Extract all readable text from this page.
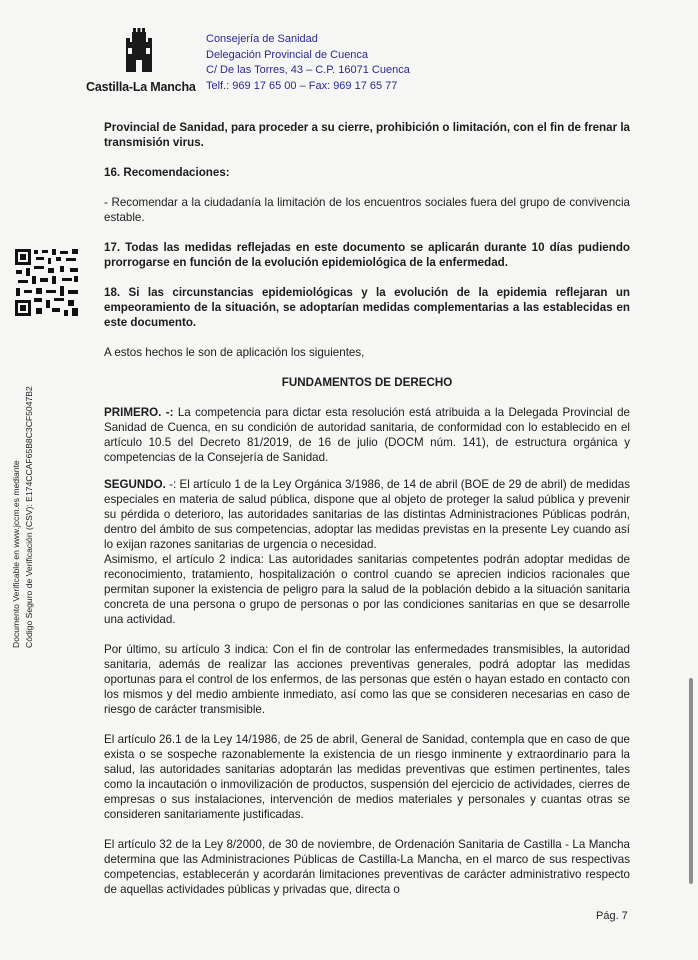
Castilla-La Mancha
Consejería de Sanidad
Delegación Provincial de Cuenca
C/ De las Torres, 43 – C.P. 16071 Cuenca
Telf.: 969 17 65 00 – Fax: 969 17 65 77
Documento Verificable en www.jccm.es mediante Código Seguro de Verificación (CSV): E174CCAF65B8C3CF5047B2

Provincial de Sanidad, para proceder a su cierre, prohibición o limitación, con el fin de frenar la transmisión virus.

16. Recomendaciones:

- Recomendar a la ciudadanía la limitación de los encuentros sociales fuera del grupo de convivencia estable.

17. Todas las medidas reflejadas en este documento se aplicarán durante 10 días pudiendo prorrogarse en función de la evolución epidemiológica de la enfermedad.

18. Si las circunstancias epidemiológicas y la evolución de la epidemia reflejaran un empeoramiento de la situación, se adoptarían medidas complementarias a las establecidas en este documento.

A estos hechos le son de aplicación los siguientes,

FUNDAMENTOS DE DERECHO

PRIMERO. -: La competencia para dictar esta resolución está atribuida a la Delegada Provincial de Sanidad de Cuenca, en su condición de autoridad sanitaria, de conformidad con lo establecido en el artículo 10.5 del Decreto 81/2019, de 16 de julio (DOCM núm. 141), de estructura orgánica y competencias de la Consejería de Sanidad.

SEGUNDO. -: El artículo 1 de la Ley Orgánica 3/1986, de 14 de abril (BOE de 29 de abril) de medidas especiales en materia de salud pública, dispone que al objeto de proteger la salud pública y prevenir su pérdida o deterioro, las autoridades sanitarias de las distintas Administraciones Públicas podrán, dentro del ámbito de sus competencias, adoptar las medidas previstas en la presente Ley cuando así lo exijan razones sanitarias de urgencia o necesidad.

Asimismo, el artículo 2 indica: Las autoridades sanitarias competentes podrán adoptar medidas de reconocimiento, tratamiento, hospitalización o control cuando se aprecien indicios racionales que permitan suponer la existencia de peligro para la salud de la población debido a la situación sanitaria concreta de una persona o grupo de personas o por las condiciones sanitarias en que se desarrolle una actividad.

Por último, su artículo 3 indica: Con el fin de controlar las enfermedades transmisibles, la autoridad sanitaria, además de realizar las acciones preventivas generales, podrá adoptar las medidas oportunas para el control de los enfermos, de las personas que estén o hayan estado en contacto con los mismos y del medio ambiente inmediato, así como las que se consideren necesarias en caso de riesgo de carácter transmisible.

El artículo 26.1 de la Ley 14/1986, de 25 de abril, General de Sanidad, contempla que en caso de que exista o se sospeche razonablemente la existencia de un riesgo inminente y extraordinario para la salud, las autoridades sanitarias adoptarán las medidas preventivas que estimen pertinentes, tales como la incautación o inmovilización de productos, suspensión del ejercicio de actividades, cierres de empresas o sus instalaciones, intervención de medios materiales y personales y cuantas otras se consideren sanitariamente justificadas.

El artículo 32 de la Ley 8/2000, de 30 de noviembre, de Ordenación Sanitaria de Castilla - La Mancha determina que las Administraciones Públicas de Castilla-La Mancha, en el marco de sus respectivas competencias, establecerán y acordarán limitaciones preventivas de carácter administrativo respecto de aquellas actividades públicas y privadas que, directa o

Pág. 7
